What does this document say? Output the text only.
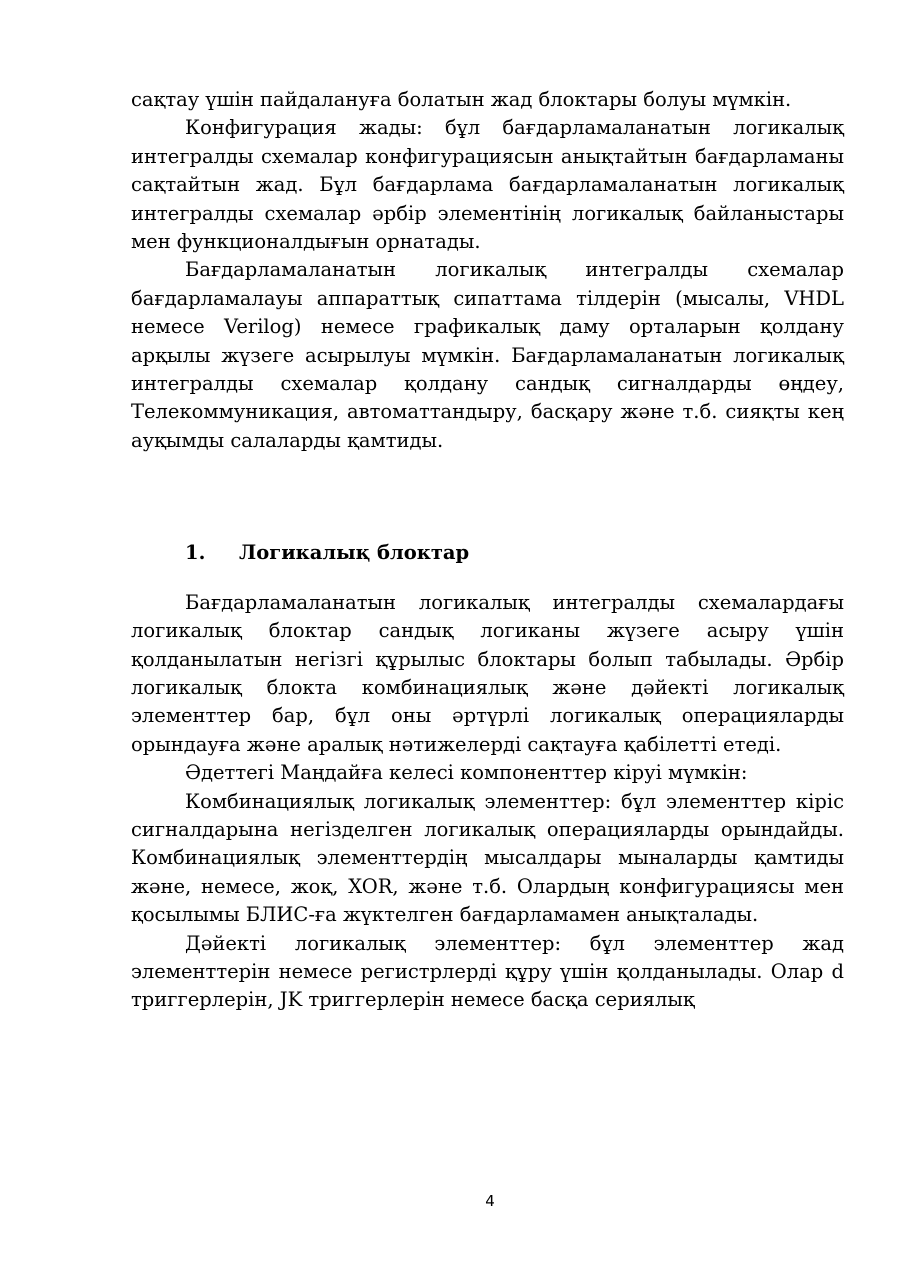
сақтау үшін пайдалануға болатын жад блоктары болуы мүмкін.

Конфигурация жады: бұл бағдарламаланатын логикалық интегралды схемалар конфигурациясын анықтайтын бағдарламаны сақтайтын жад. Бұл бағдарлама бағдарламаланатын логикалық интегралды схемалар әрбір элементінің логикалық байланыстары мен функционалдығын орнатады.

Бағдарламаланатын логикалық интегралды схемалар бағдарламалауы аппараттық сипаттама тілдерін (мысалы, VHDL немесе Verilog) немесе графикалық даму орталарын қолдану арқылы жүзеге асырылуы мүмкін. Бағдарламаланатын логикалық интегралды схемалар қолдану сандық сигналдарды өңдеу, Телекоммуникация, автоматтандыру, басқару және т.б. сияқты кең ауқымды салаларды қамтиды.

1.	Логикалық блоктар

Бағдарламаланатын логикалық интегралды схемалардағы логикалық блоктар сандық логиканы жүзеге асыру үшін қолданылатын негізгі құрылыс блоктары болып табылады. Әрбір логикалық блокта комбинациялық және дәйекті логикалық элементтер бар, бұл оны әртүрлі логикалық операцияларды орындауға және аралық нәтижелерді сақтауға қабілетті етеді.

Әдеттегі Маңдайға келесі компоненттер кіруі мүмкін:

Комбинациялық логикалық элементтер: бұл элементтер кіріс сигналдарына негізделген логикалық операцияларды орындайды. Комбинациялық элементтердің мысалдары мыналарды қамтиды және, немесе, жоқ, XOR, және т.б. Олардың конфигурациясы мен қосылымы БЛИС-ға жүктелген бағдарламамен анықталады.

Дәйекті логикалық элементтер: бұл элементтер жад элементтерін немесе регистрлерді құру үшін қолданылады. Олар d триггерлерін, JK триггерлерін немесе басқа сериялық

4
